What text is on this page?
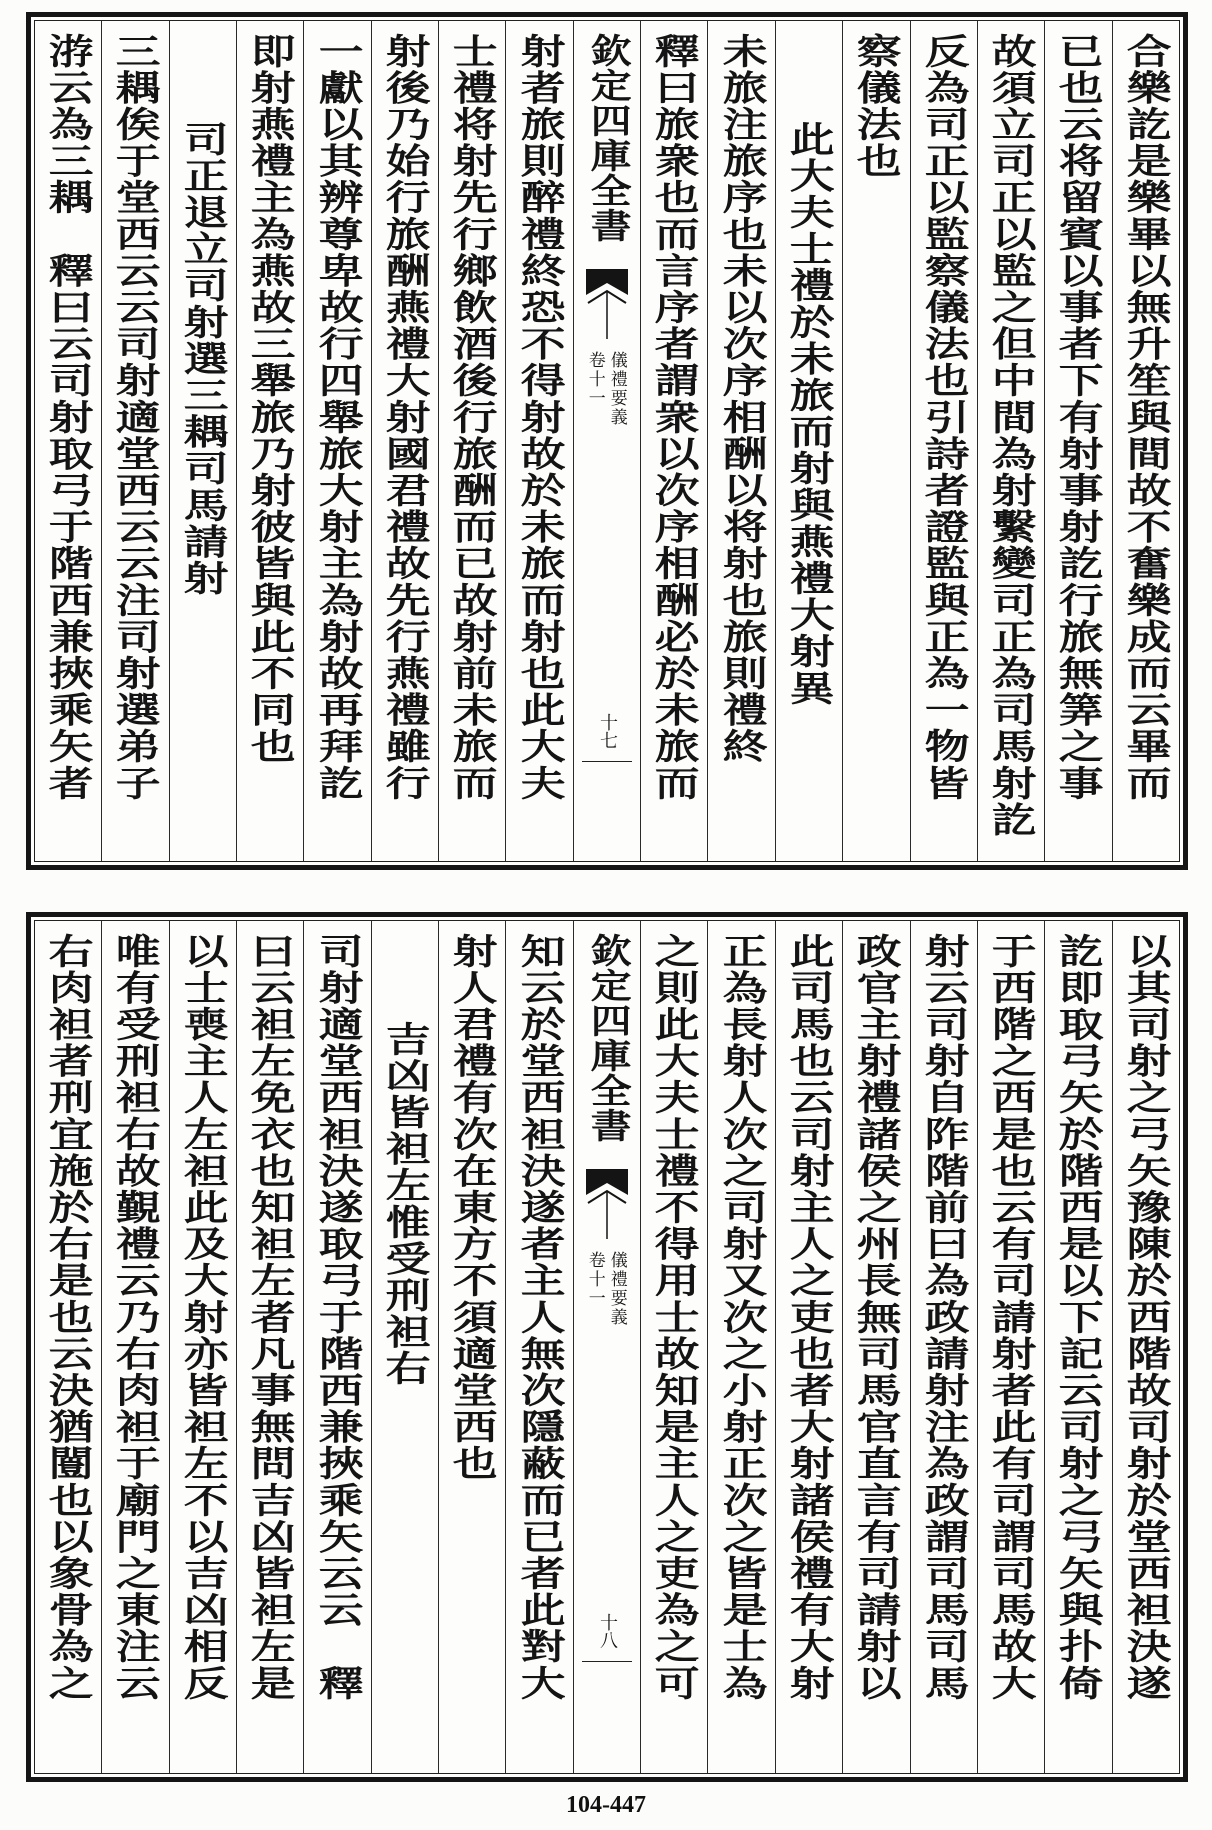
合樂訖是樂畢以無升笙與間故不奮樂成而云畢而
已也云将留賓以事者下有射事射訖行旅無筭之事
故須立司正以監之但中間為射繫變司正為司馬射訖
反為司正以監察儀法也引詩者證監與正為一物皆
察儀法也
此大夫士禮於未旅而射與燕禮大射異
未旅注旅序也未以次序相酬以将射也旅則禮終
釋曰旅衆也而言序者謂衆以次序相酬必於未旅而
欽定四庫全書
儀禮要義
卷十一
十七
射者旅則醉禮終恐不得射故於未旅而射也此大夫
士禮将射先行鄉飲酒後行旅酬而已故射前未旅而
射後乃始行旅酬燕禮大射國君禮故先行燕禮雖行
一獻以其辨尊卑故行四舉旅大射主為射故再拜訖
即射燕禮主為燕故三舉旅乃射彼皆與此不同也
司正退立司射選三耦司馬請射
三耦俟于堂西云云司射適堂西云云注司射選弟子
㳺云為三耦　釋曰云司射取弓于階西兼挾乘矢者
以其司射之弓矢豫陳於西階故司射於堂西袒決遂
訖即取弓矢於階西是以下記云司射之弓矢與扑倚
于西階之西是也云有司請射者此有司謂司馬故大
射云司射自阼階前曰為政請射注為政謂司馬司馬
政官主射禮諸侯之州長無司馬官直言有司請射以
此司馬也云司射主人之吏也者大射諸侯禮有大射
正為長射人次之司射又次之小射正次之皆是士為
之則此大夫士禮不得用士故知是主人之吏為之可
欽定四庫全書
儀禮要義
卷十一
十八
知云於堂西袒決遂者主人無次隱蔽而已者此對大
射人君禮有次在東方不須適堂西也
吉凶皆袒左惟受刑袒右
司射適堂西袒決遂取弓于階西兼挾乘矢云云　釋
曰云袒左免衣也知袒左者凡事無問吉凶皆袒左是
以士喪主人左袒此及大射亦皆袒左不以吉凶相反
唯有受刑袒右故覲禮云乃右肉袒于廟門之東注云
右肉袒者刑宜施於右是也云決猶闓也以象骨為之
104-447
